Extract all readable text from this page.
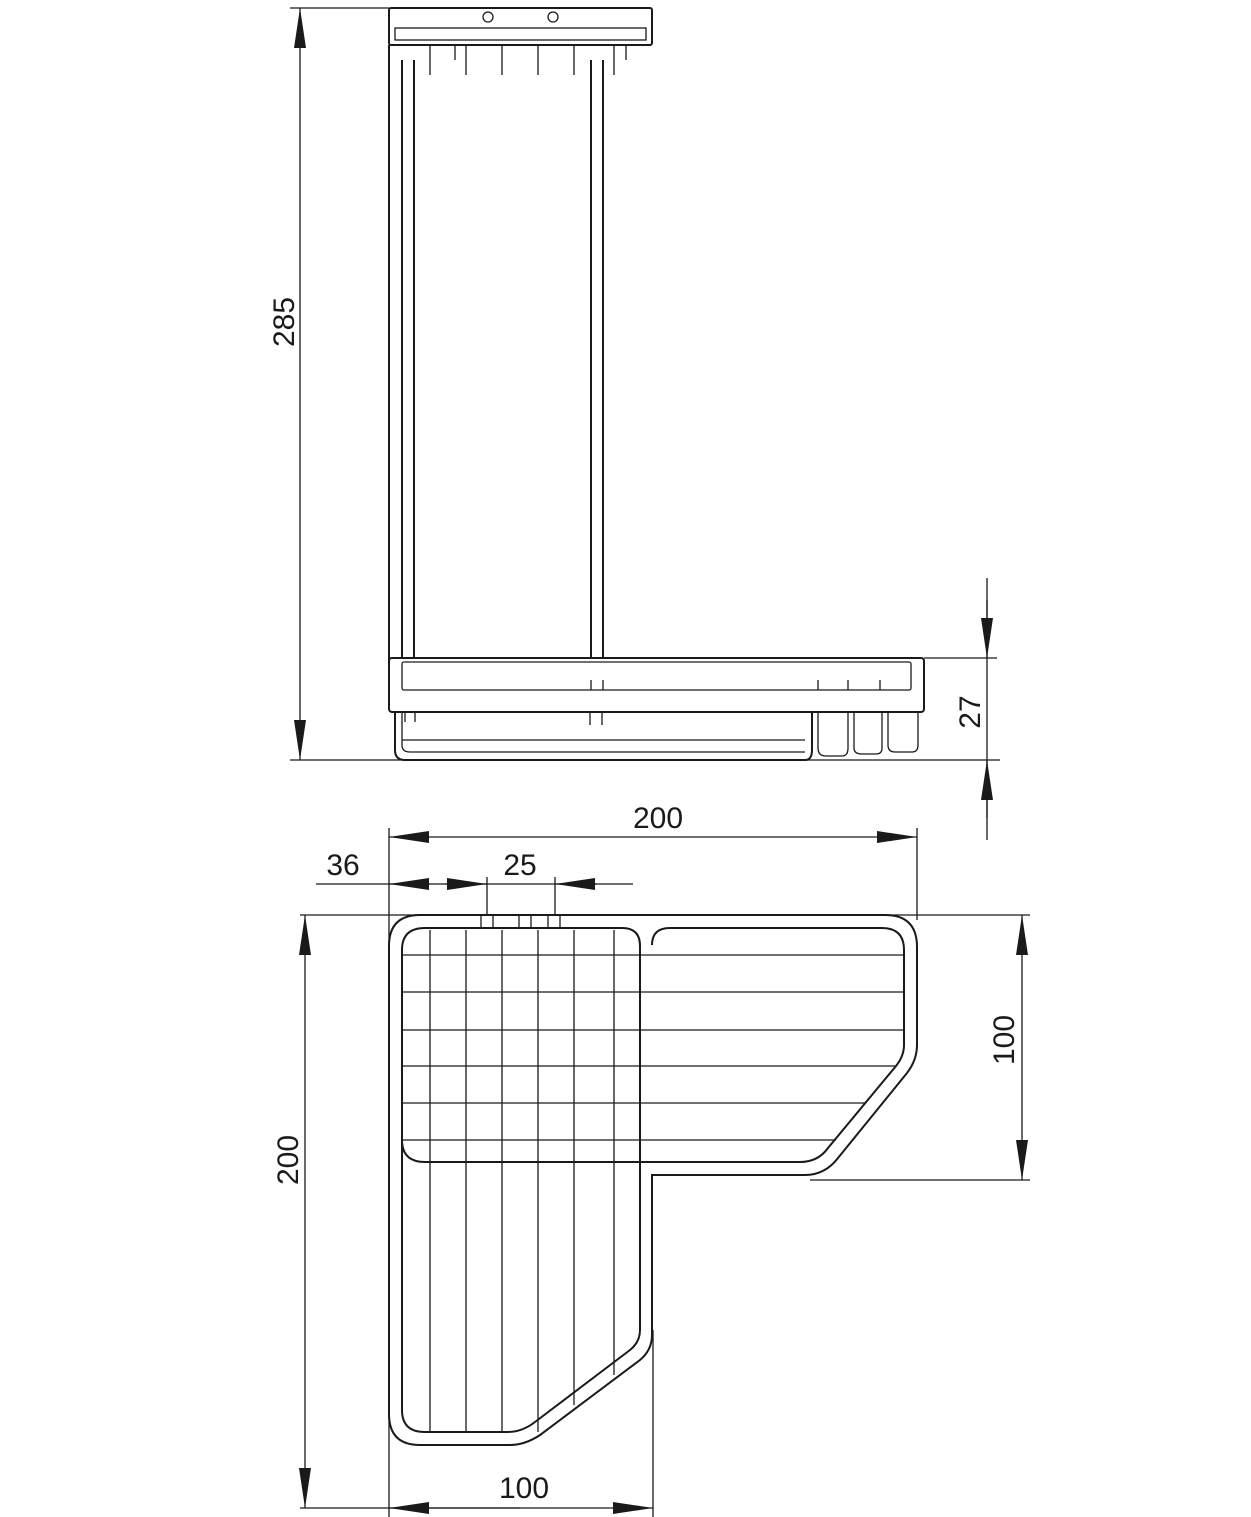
285
27
200
36	25
200
100
100
